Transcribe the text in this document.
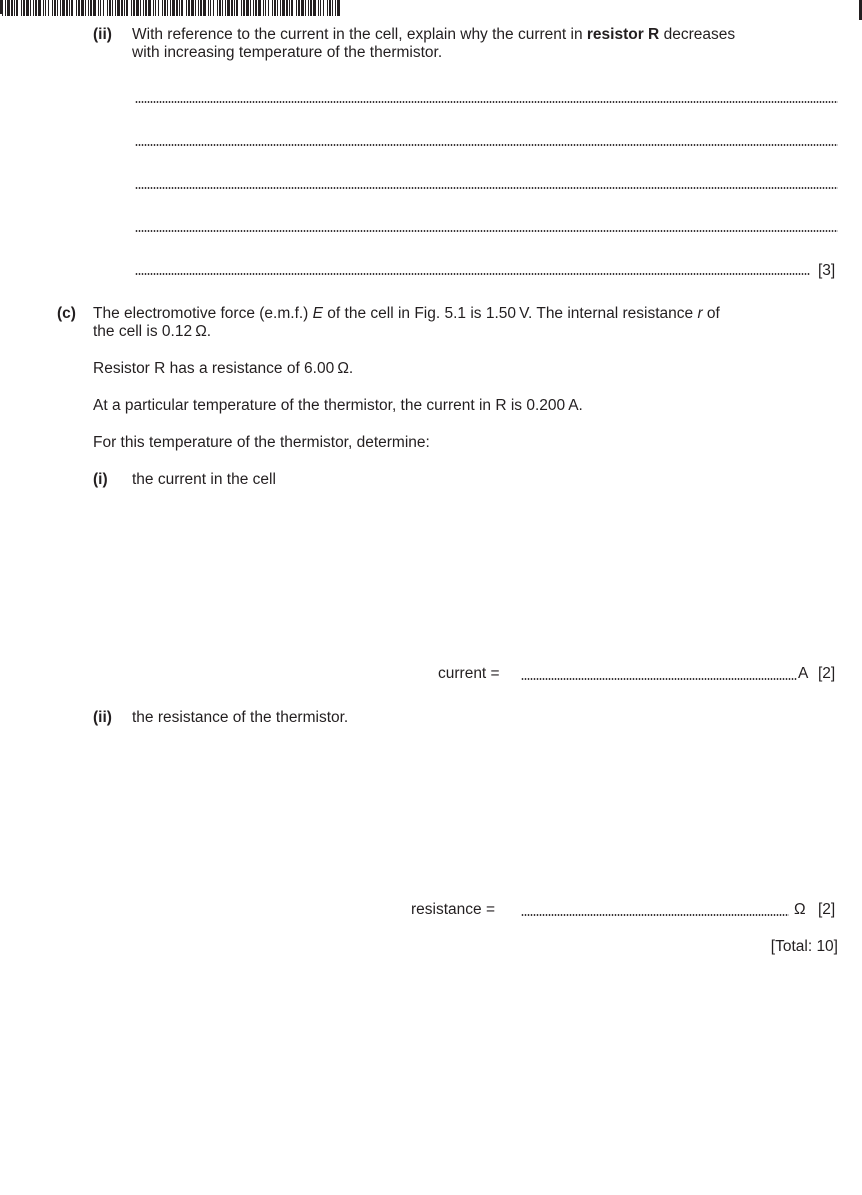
(ii) With reference to the current in the cell, explain why the current in resistor R decreases
with increasing temperature of the thermistor.
[3]
(c) The electromotive force (e.m.f.) E of the cell in Fig. 5.1 is 1.50 V. The internal resistance r of
the cell is 0.12 Ω.
Resistor R has a resistance of 6.00 Ω.
At a particular temperature of the thermistor, the current in R is 0.200 A.
For this temperature of the thermistor, determine:
(i) the current in the cell
current =	A [2]
(ii) the resistance of the thermistor.
resistance =	Ω [2]
[Total: 10]
